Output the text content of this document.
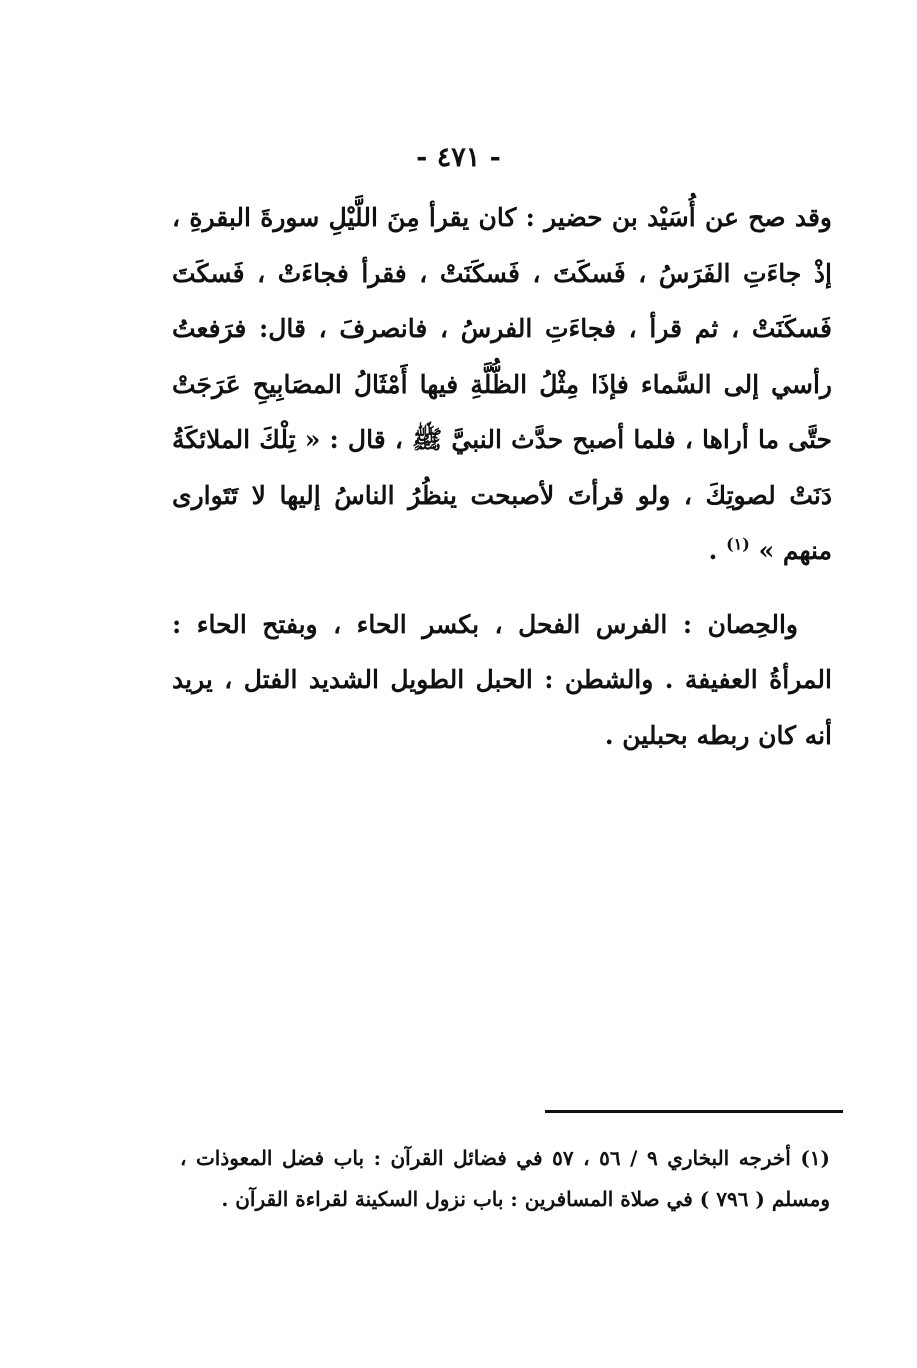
- ٤٧١ -

وقد صح عن أُسَيْد بن حضير : كان يقرأ مِنَ اللَّيْلِ سورةَ البقرةِ ، إذْ جاءَتِ الفَرَسُ ، فَسكَتَ ، فَسكَنَتْ ، فقرأ فجاءَتْ ، فَسكَتَ فَسكَنَتْ ، ثم قرأ ، فجاءَتِ الفرسُ ، فانصرفَ ، قال: فرَفعتُ رأسي إلى السَّماء فإذَا مِثْلُ الظُّلَّةِ فيها أَمْثَالُ المصَابِيحِ عَرَجَتْ حتَّى ما أراها ، فلما أصبح حدَّث النبيَّ ﷺ ، قال : « تِلْكَ الملائكَةُ دَنَتْ لصوتِكَ ، ولو قرأتَ لأصبحت ينظُرُ الناسُ إليها لا تَتَوارى منهم » $^{(١)}$ .

والحِصان : الفرس الفحل ، بكسر الحاء ، وبفتح الحاء : المرأةُ العفيفة . والشطن : الحبل الطويل الشديد الفتل ، يريد أنه كان ربطه بحبلين .

(١) أخرجه البخاري ٩ / ٥٦ ، ٥٧ في فضائل القرآن : باب فضل المعوذات ، ومسلم ( ٧٩٦ ) في صلاة المسافرين : باب نزول السكينة لقراءة القرآن .
